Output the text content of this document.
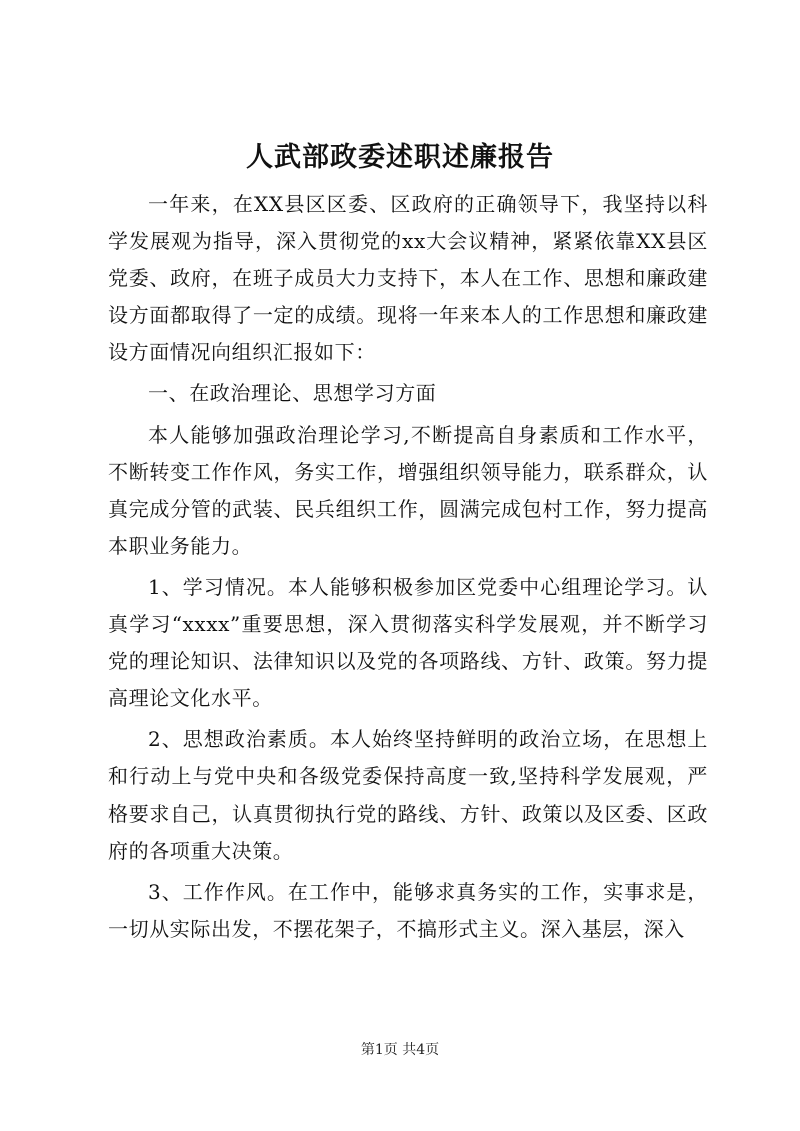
人武部政委述职述廉报告

一年来，在XX县区区委、区政府的正确领导下，我坚持以科学发展观为指导，深入贯彻党的xx大会议精神，紧紧依靠XX县区党委、政府，在班子成员大力支持下，本人在工作、思想和廉政建设方面都取得了一定的成绩。现将一年来本人的工作思想和廉政建设方面情况向组织汇报如下：

一、在政治理论、思想学习方面

本人能够加强政治理论学习,不断提高自身素质和工作水平，不断转变工作作风，务实工作，增强组织领导能力，联系群众，认真完成分管的武装、民兵组织工作，圆满完成包村工作，努力提高本职业务能力。

1、学习情况。本人能够积极参加区党委中心组理论学习。认真学习“xxxx”重要思想，深入贯彻落实科学发展观，并不断学习党的理论知识、法律知识以及党的各项路线、方针、政策。努力提高理论文化水平。

2、思想政治素质。本人始终坚持鲜明的政治立场，在思想上和行动上与党中央和各级党委保持高度一致,坚持科学发展观，严格要求自己，认真贯彻执行党的路线、方针、政策以及区委、区政府的各项重大决策。

3、工作作风。在工作中，能够求真务实的工作，实事求是，一切从实际出发，不摆花架子，不搞形式主义。深入基层，深入

第1页 共4页
